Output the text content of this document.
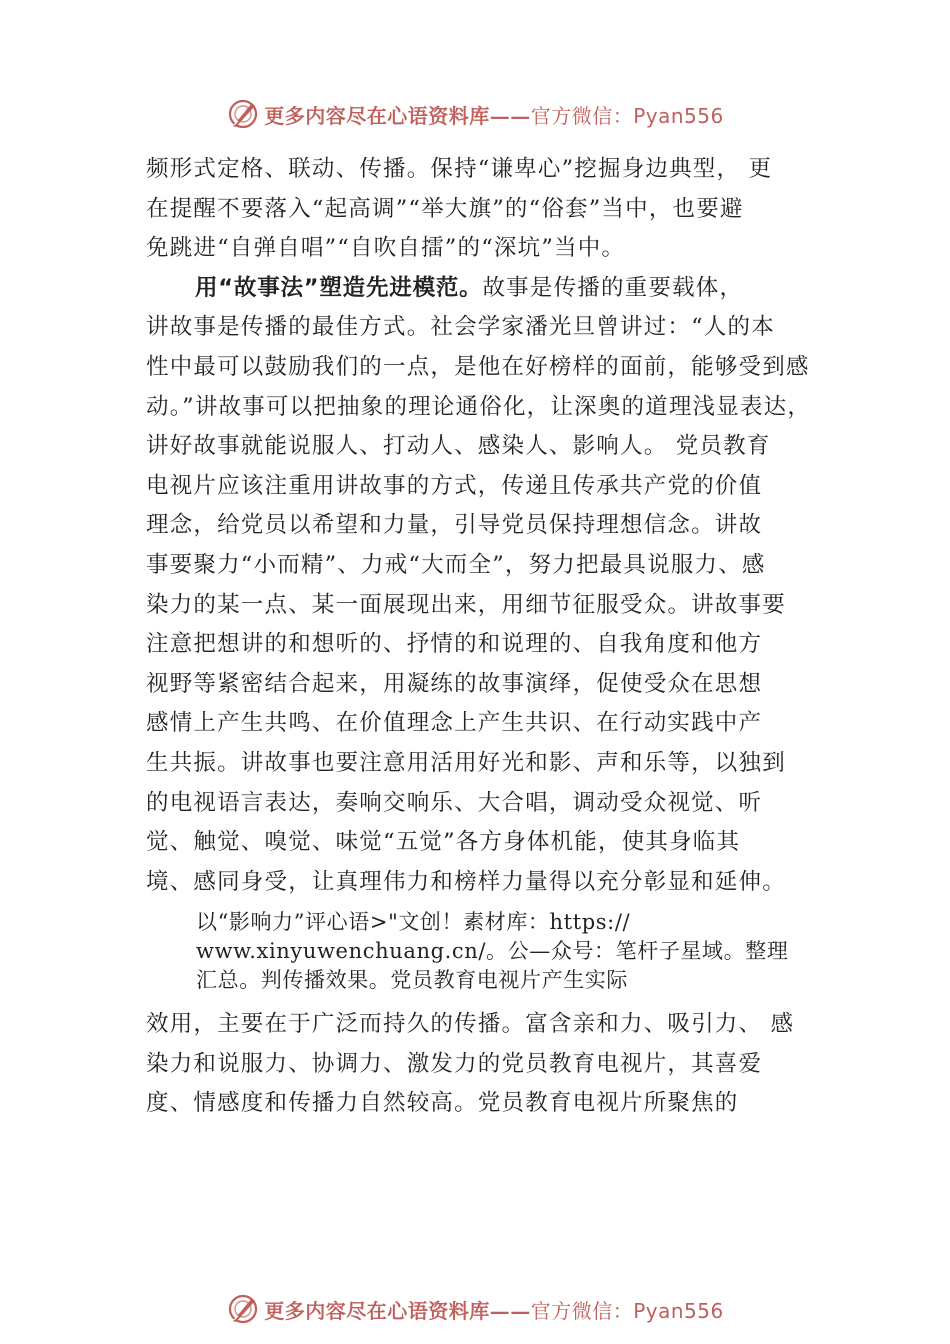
更多内容尽在心语资料库——官方微信：Pyan556
频形式定格、联动、传播。保持“谦卑心”挖掘身边典型， 更
在提醒不要落入“起高调”“举大旗”的“俗套”当中，也要避
免跳进“自弹自唱”“自吹自擂”的“深坑”当中。
用“故事法”塑造先进模范。故事是传播的重要载体，
讲故事是传播的最佳方式。社会学家潘光旦曾讲过：“人的本
性中最可以鼓励我们的一点，是他在好榜样的面前，能够受到感
动。”讲故事可以把抽象的理论通俗化，让深奥的道理浅显表达，
讲好故事就能说服人、打动人、感染人、影响人。 党员教育
电视片应该注重用讲故事的方式，传递且传承共产党的价值
理念，给党员以希望和力量，引导党员保持理想信念。讲故
事要聚力“小而精”、力戒“大而全”，努力把最具说服力、感
染力的某一点、某一面展现出来，用细节征服受众。讲故事要
注意把想讲的和想听的、抒情的和说理的、自我角度和他方
视野等紧密结合起来，用凝练的故事演绎，促使受众在思想
感情上产生共鸣、在价值理念上产生共识、在行动实践中产
生共振。讲故事也要注意用活用好光和影、声和乐等，以独到
的电视语言表达，奏响交响乐、大合唱，调动受众视觉、听
觉、触觉、嗅觉、味觉“五觉”各方身体机能，使其身临其
境、感同身受，让真理伟力和榜样力量得以充分彰显和延伸。
以“影响力”评心语>"文创！素材库：https://
www.xinyuwenchuang.cn/。公—众号：笔杆子星域。整理
汇总。判传播效果。党员教育电视片产生实际
效用，主要在于广泛而持久的传播。富含亲和力、吸引力、 感
染力和说服力、协调力、激发力的党员教育电视片，其喜爱
度、情感度和传播力自然较高。党员教育电视片所聚焦的
更多内容尽在心语资料库——官方微信：Pyan556
